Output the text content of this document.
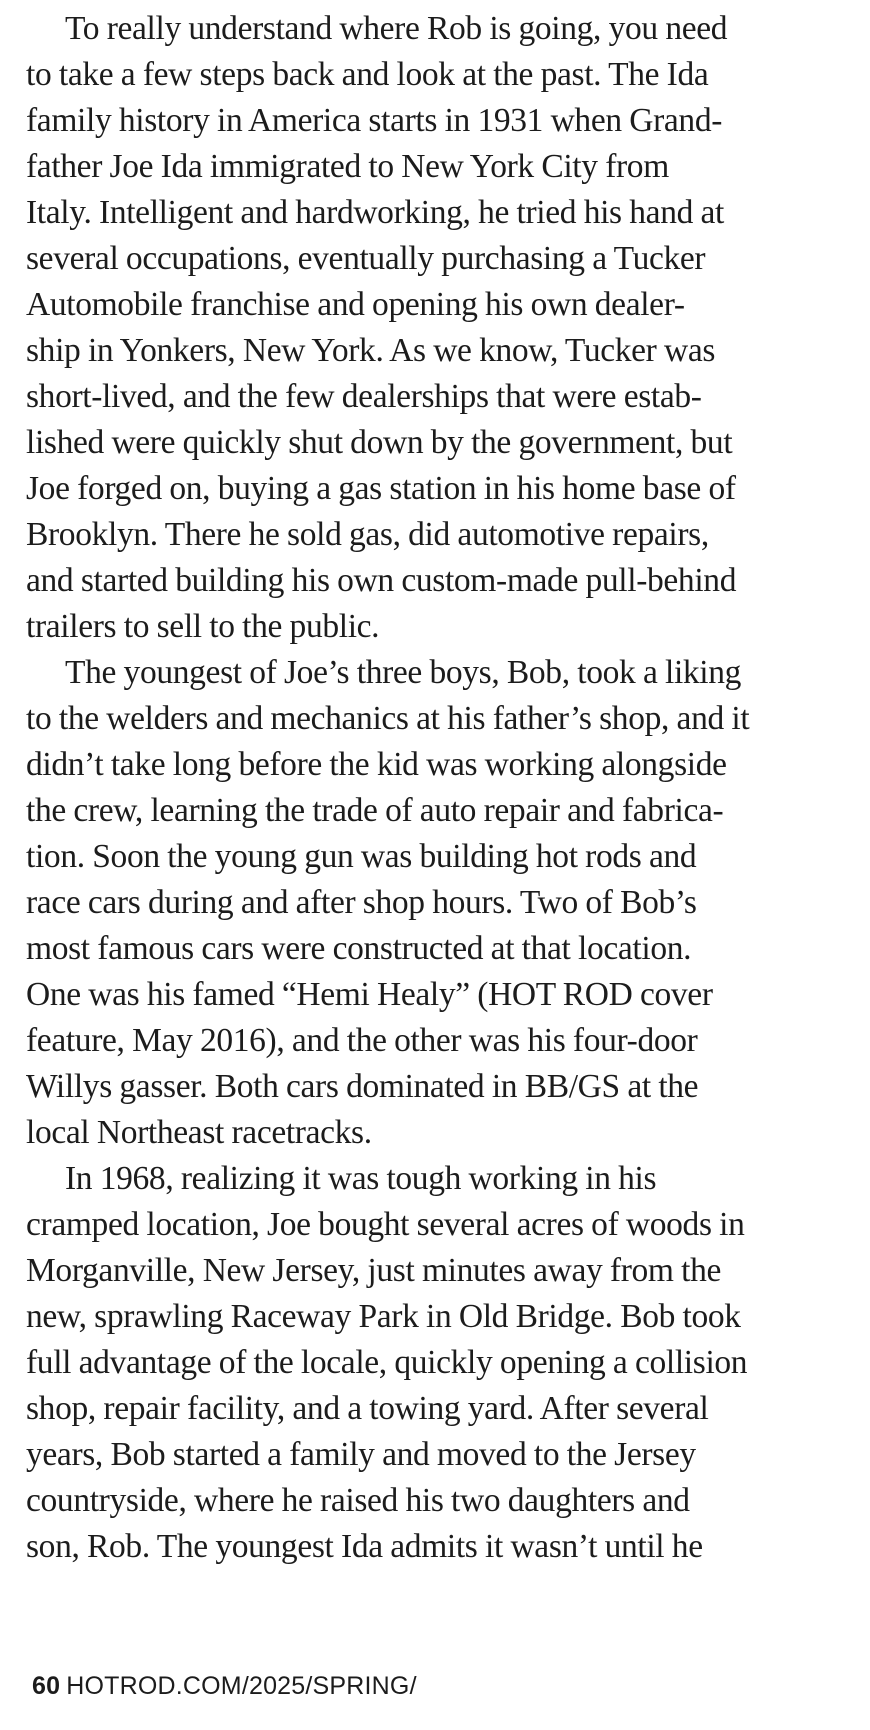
To really understand where Rob is going, you need
to take a few steps back and look at the past. The Ida
family history in America starts in 1931 when Grand-
father Joe Ida immigrated to New York City from
Italy. Intelligent and hardworking, he tried his hand at
several occupations, eventually purchasing a Tucker
Automobile franchise and opening his own dealer-
ship in Yonkers, New York. As we know, Tucker was
short-lived, and the few dealerships that were estab-
lished were quickly shut down by the government, but
Joe forged on, buying a gas station in his home base of
Brooklyn. There he sold gas, did automotive repairs,
and started building his own custom-made pull-behind
trailers to sell to the public.

The youngest of Joe’s three boys, Bob, took a liking
to the welders and mechanics at his father’s shop, and it
didn’t take long before the kid was working alongside
the crew, learning the trade of auto repair and fabrica-
tion. Soon the young gun was building hot rods and
race cars during and after shop hours. Two of Bob’s
most famous cars were constructed at that location.
One was his famed “Hemi Healy” (HOT ROD cover
feature, May 2016), and the other was his four-door
Willys gasser. Both cars dominated in BB/GS at the
local Northeast racetracks.

In 1968, realizing it was tough working in his
cramped location, Joe bought several acres of woods in
Morganville, New Jersey, just minutes away from the
new, sprawling Raceway Park in Old Bridge. Bob took
full advantage of the locale, quickly opening a collision
shop, repair facility, and a towing yard. After several
years, Bob started a family and moved to the Jersey
countryside, where he raised his two daughters and
son, Rob. The youngest Ida admits it wasn’t until he

60 HOTROD.COM/2025/SPRING/
